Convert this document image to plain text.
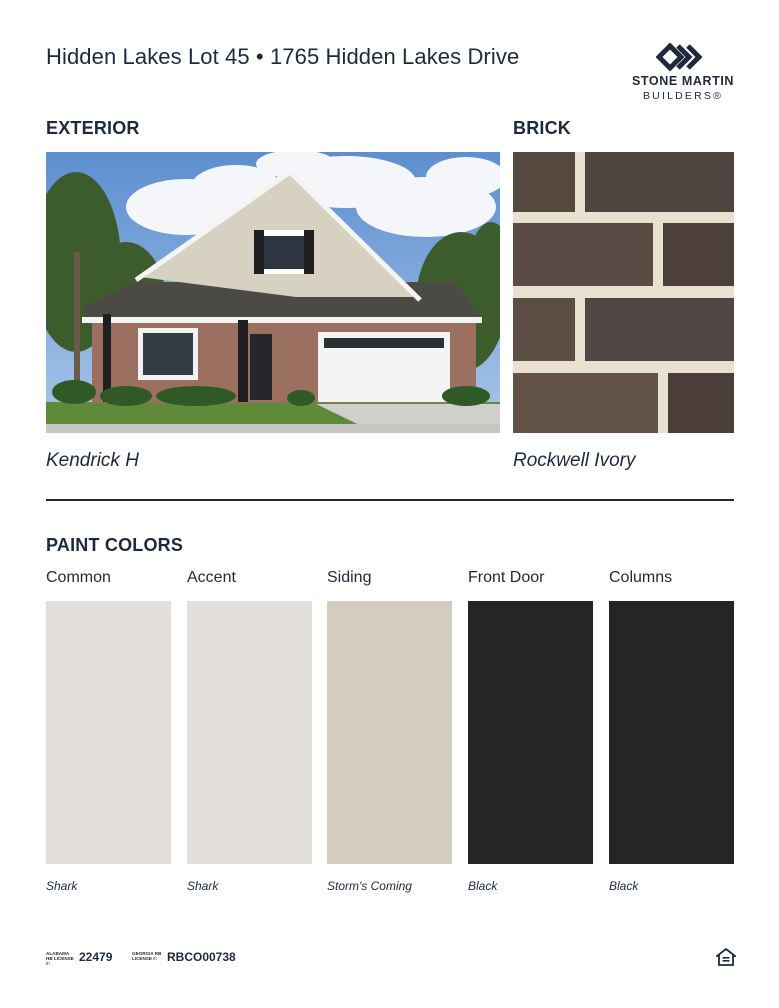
Hidden Lakes Lot 45 • 1765 Hidden Lakes Drive
STONE MARTIN
BUILDERS®
EXTERIOR	BRICK
Kendrick H	Rockwell Ivory
PAINT COLORS
Common	Accent	Siding	Front Door	Columns
Shark	Shark	Storm's Coming	Black	Black
ALABAMA HB LICENSE #:	22479	GEORGIA RB LICENSE #: RBCO00738
